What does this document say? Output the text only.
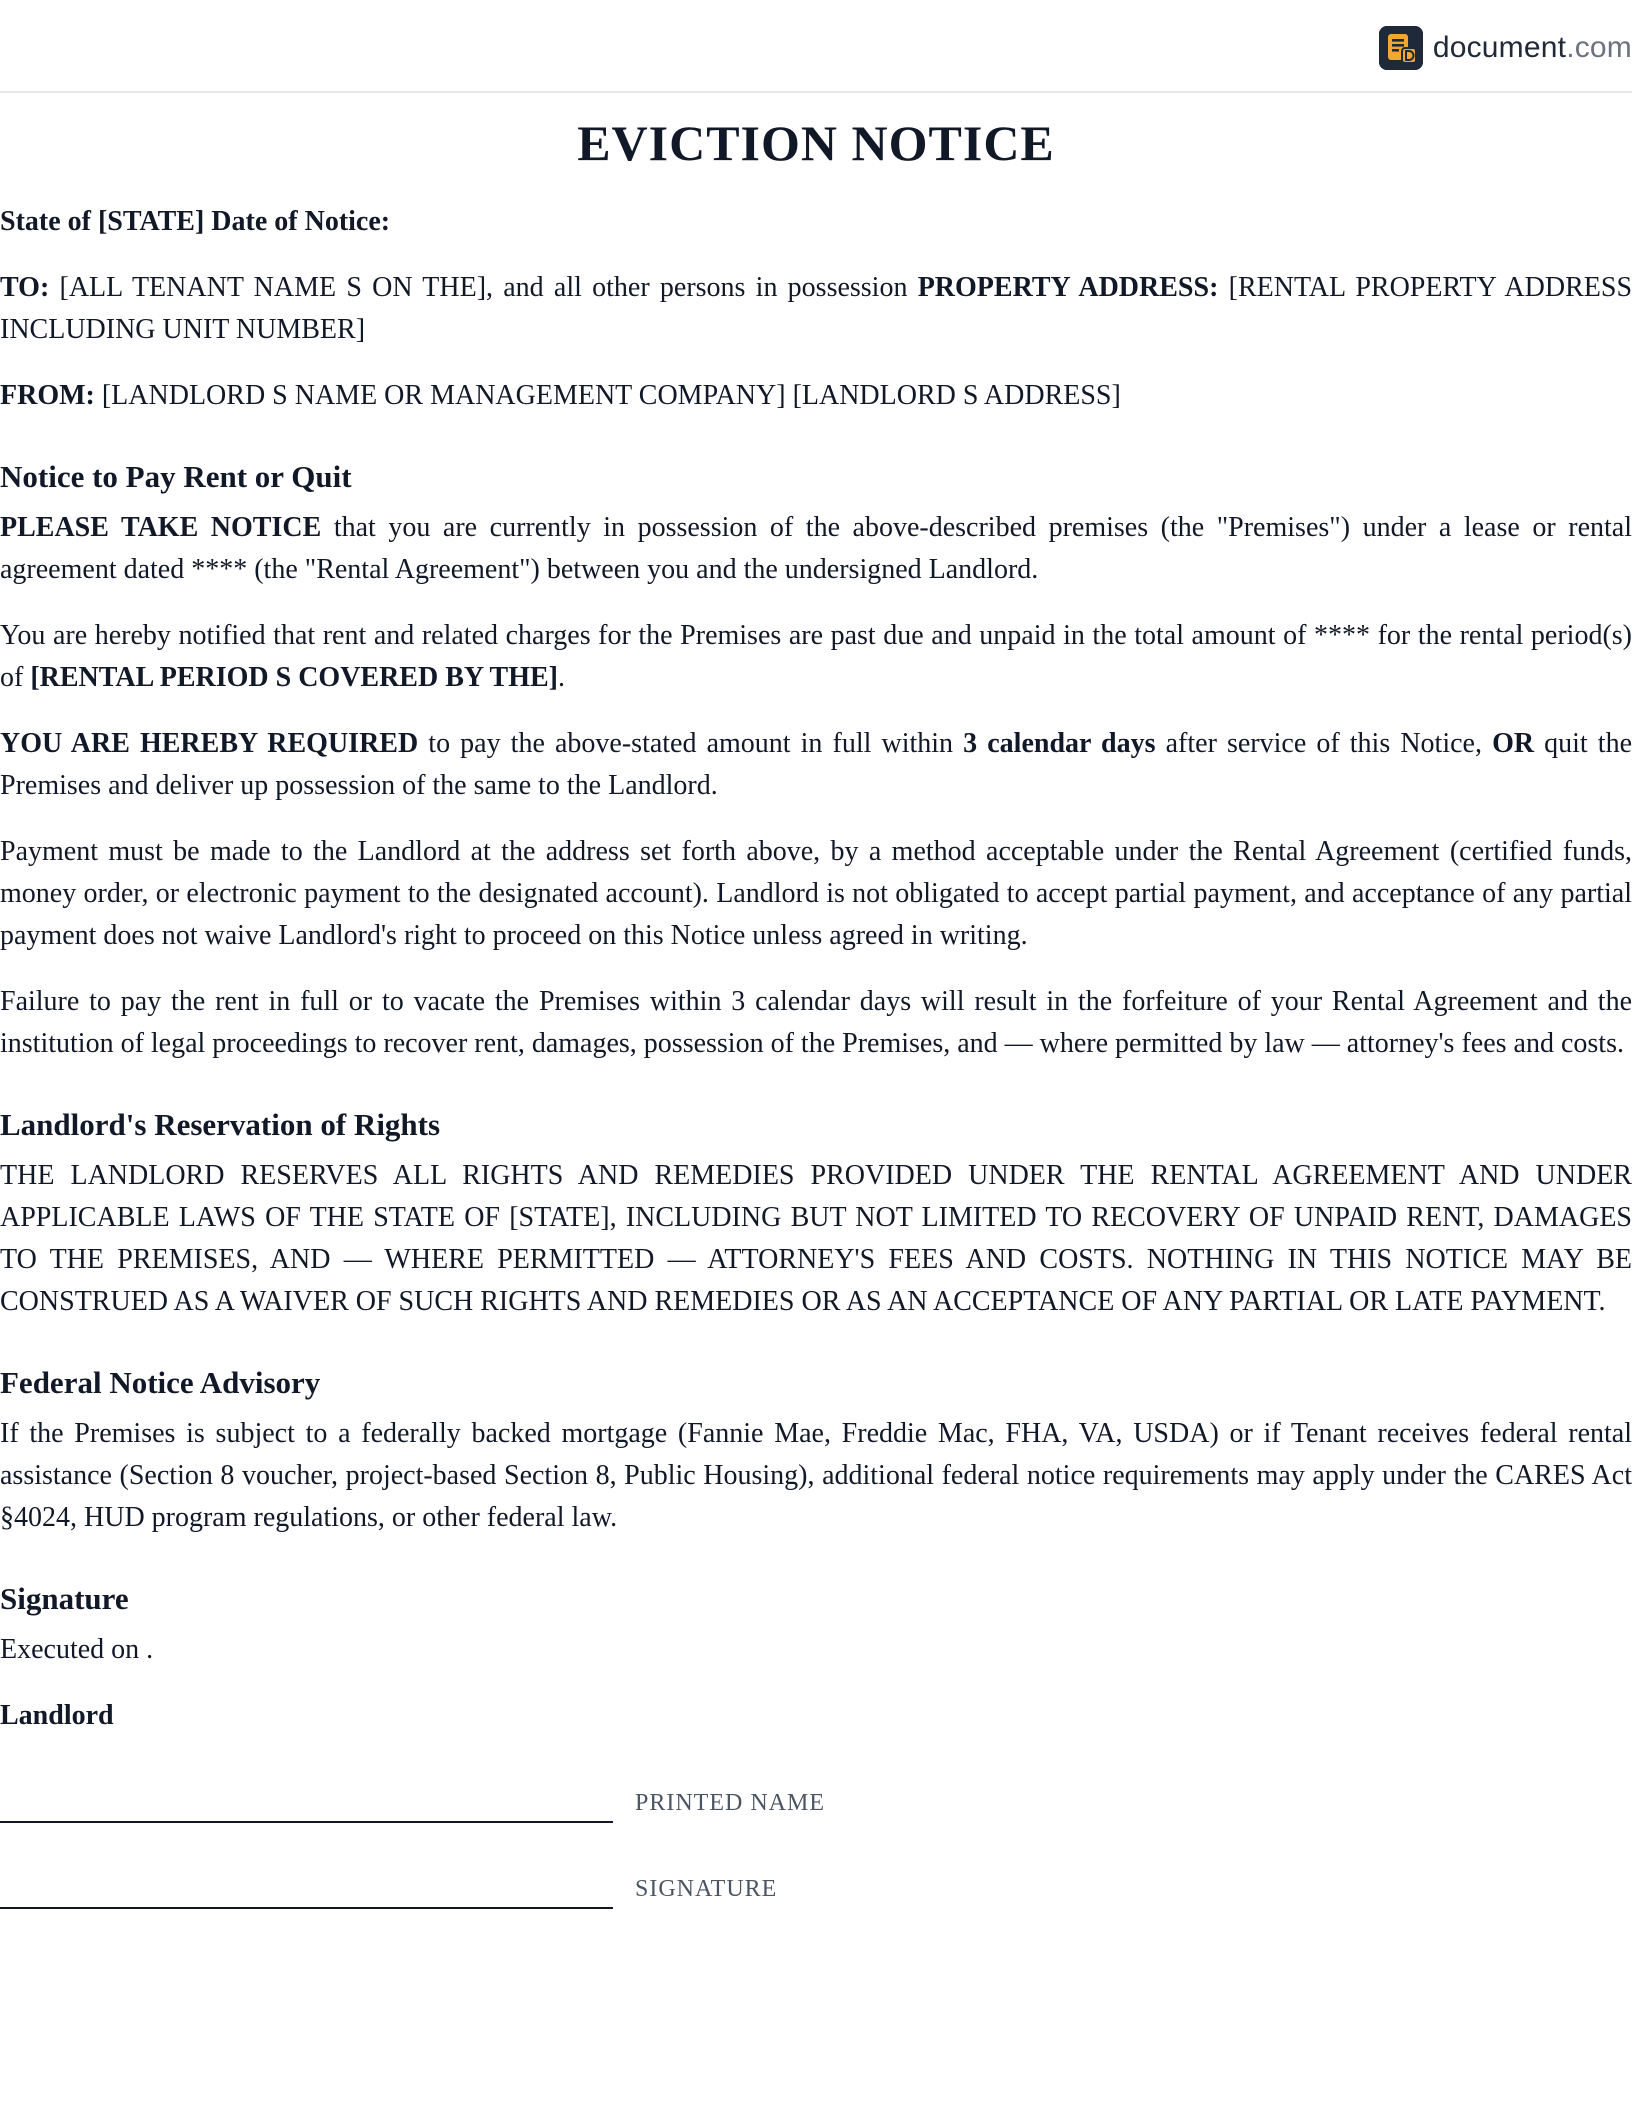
document.com
EVICTION NOTICE

State of [STATE] Date of Notice:

TO: [ALL TENANT NAME S ON THE], and all other persons in possession PROPERTY ADDRESS: [RENTAL PROPERTY ADDRESS INCLUDING UNIT NUMBER]

FROM: [LANDLORD S NAME OR MANAGEMENT COMPANY] [LANDLORD S ADDRESS]

Notice to Pay Rent or Quit

PLEASE TAKE NOTICE that you are currently in possession of the above-described premises (the "Premises") under a lease or rental agreement dated **** (the "Rental Agreement") between you and the undersigned Landlord.

You are hereby notified that rent and related charges for the Premises are past due and unpaid in the total amount of **** for the rental period(s) of [RENTAL PERIOD S COVERED BY THE].

YOU ARE HEREBY REQUIRED to pay the above-stated amount in full within 3 calendar days after service of this Notice, OR quit the Premises and deliver up possession of the same to the Landlord.

Payment must be made to the Landlord at the address set forth above, by a method acceptable under the Rental Agreement (certified funds, money order, or electronic payment to the designated account). Landlord is not obligated to accept partial payment, and acceptance of any partial payment does not waive Landlord's right to proceed on this Notice unless agreed in writing.

Failure to pay the rent in full or to vacate the Premises within 3 calendar days will result in the forfeiture of your Rental Agreement and the institution of legal proceedings to recover rent, damages, possession of the Premises, and — where permitted by law — attorney's fees and costs.

Landlord's Reservation of Rights

THE LANDLORD RESERVES ALL RIGHTS AND REMEDIES PROVIDED UNDER THE RENTAL AGREEMENT AND UNDER APPLICABLE LAWS OF THE STATE OF [STATE], INCLUDING BUT NOT LIMITED TO RECOVERY OF UNPAID RENT, DAMAGES TO THE PREMISES, AND — WHERE PERMITTED — ATTORNEY'S FEES AND COSTS. NOTHING IN THIS NOTICE MAY BE CONSTRUED AS A WAIVER OF SUCH RIGHTS AND REMEDIES OR AS AN ACCEPTANCE OF ANY PARTIAL OR LATE PAYMENT.

Federal Notice Advisory

If the Premises is subject to a federally backed mortgage (Fannie Mae, Freddie Mac, FHA, VA, USDA) or if Tenant receives federal rental assistance (Section 8 voucher, project-based Section 8, Public Housing), additional federal notice requirements may apply under the CARES Act §4024, HUD program regulations, or other federal law.

Signature

Executed on .

Landlord
PRINTED NAME
SIGNATURE
